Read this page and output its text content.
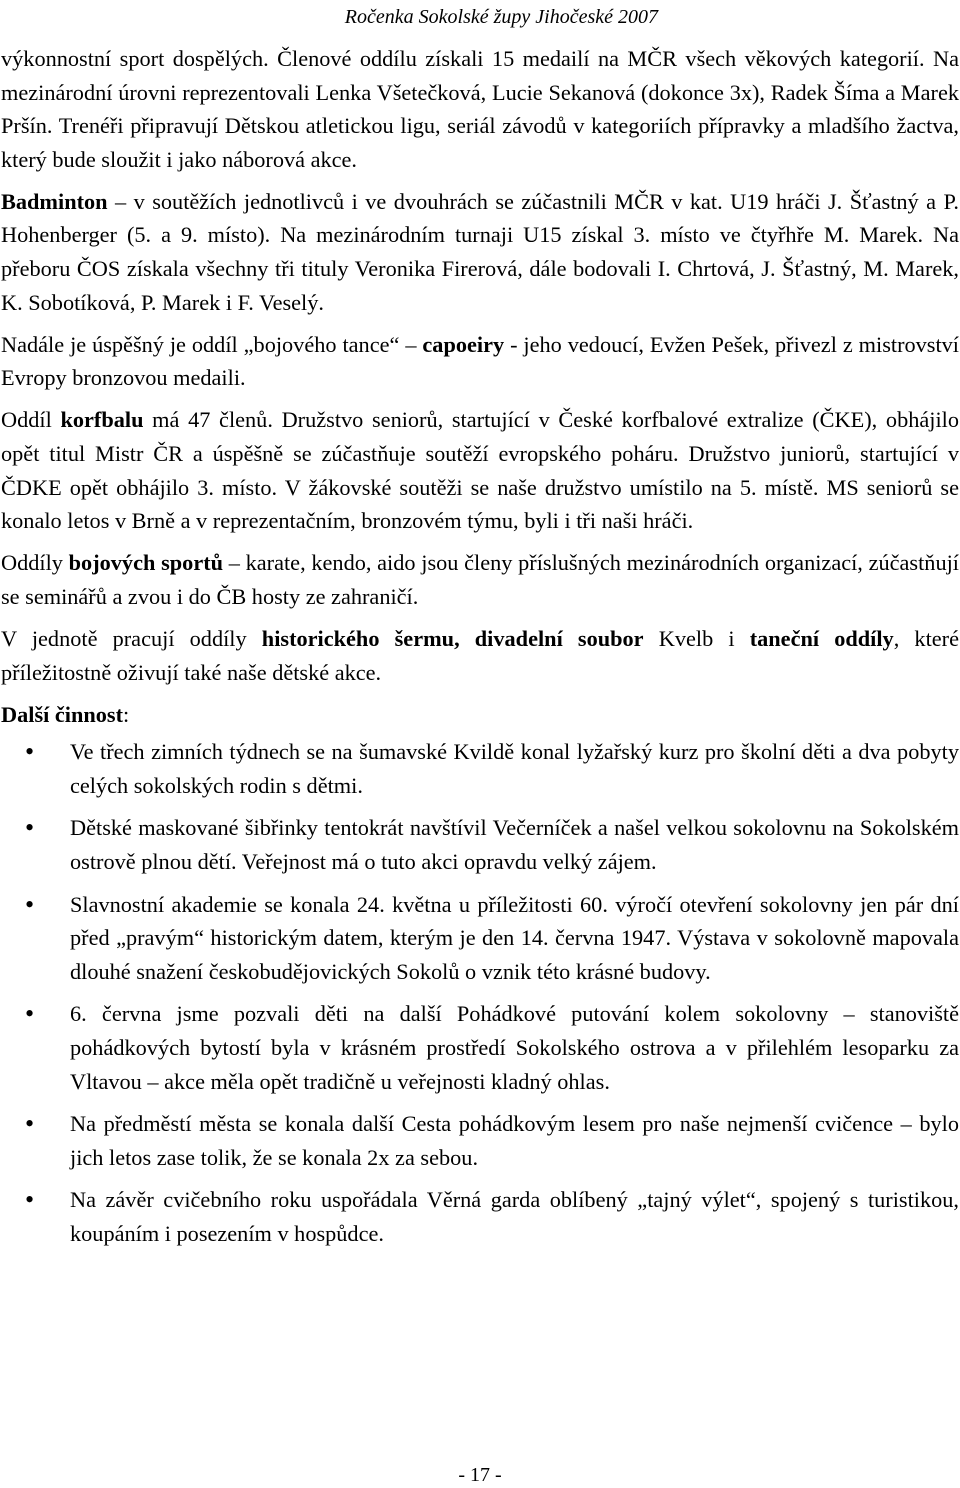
Ročenka Sokolské župy Jihočeské 2007

výkonnostní sport dospělých. Členové oddílu získali 15 medailí na MČR všech věkových kategorií. Na mezinárodní úrovni reprezentovali Lenka Všetečková, Lucie Sekanová (dokonce 3x), Radek Šíma a Marek Pršín. Trenéři připravují Dětskou atletickou ligu, seriál závodů v kategoriích přípravky a mladšího žactva, který bude sloužit i jako náborová akce.

Badminton – v soutěžích jednotlivců i ve dvouhrách se zúčastnili MČR v kat. U19 hráči J. Šťastný a P. Hohenberger (5. a 9. místo). Na mezinárodním turnaji U15 získal 3. místo ve čtyřhře M. Marek. Na přeboru ČOS získala všechny tři tituly Veronika Firerová, dále bodovali I. Chrtová, J. Šťastný, M. Marek, K. Sobotíková, P. Marek i F. Veselý.

Nadále je úspěšný je oddíl „bojového tance“ – capoeiry - jeho vedoucí, Evžen Pešek, přivezl z mistrovství Evropy bronzovou medaili.

Oddíl korfbalu má 47 členů. Družstvo seniorů, startující v České korfbalové extralize (ČKE), obhájilo opět titul Mistr ČR a úspěšně se zúčastňuje soutěží evropského poháru. Družstvo juniorů, startující v ČDKE opět obhájilo 3. místo. V žákovské soutěži se naše družstvo umístilo na 5. místě. MS seniorů se konalo letos v Brně a v reprezentačním, bronzovém týmu, byli i tři naši hráči.

Oddíly bojových sportů – karate, kendo, aido jsou členy příslušných mezinárodních organizací, zúčastňují se seminářů a zvou i do ČB hosty ze zahraničí.

V jednotě pracují oddíly historického šermu, divadelní soubor Kvelb i taneční oddíly, které příležitostně oživují také naše dětské akce.

Další činnost:

• Ve třech zimních týdnech se na šumavské Kvildě konal lyžařský kurz pro školní děti a dva pobyty celých sokolských rodin s dětmi.
• Dětské maskované šibřinky tentokrát navštívil Večerníček a našel velkou sokolovnu na Sokolském ostrově plnou dětí. Veřejnost má o tuto akci opravdu velký zájem.
• Slavnostní akademie se konala 24. května u příležitosti 60. výročí otevření sokolovny jen pár dní před „pravým“ historickým datem, kterým je den 14. června 1947. Výstava v sokolovně mapovala dlouhé snažení českobudějovických Sokolů o vznik této krásné budovy.
• 6. června jsme pozvali děti na další Pohádkové putování kolem sokolovny – stanoviště pohádkových bytostí byla v krásném prostředí Sokolského ostrova a v přilehlém lesoparku za Vltavou – akce měla opět tradičně u veřejnosti kladný ohlas.
• Na předměstí města se konala další Cesta pohádkovým lesem pro naše nejmenší cvičence – bylo jich letos zase tolik, že se konala 2x za sebou.
• Na závěr cvičebního roku uspořádala Věrná garda oblíbený „tajný výlet“, spojený s turistikou, koupáním i posezením v hospůdce.
- 17 -
